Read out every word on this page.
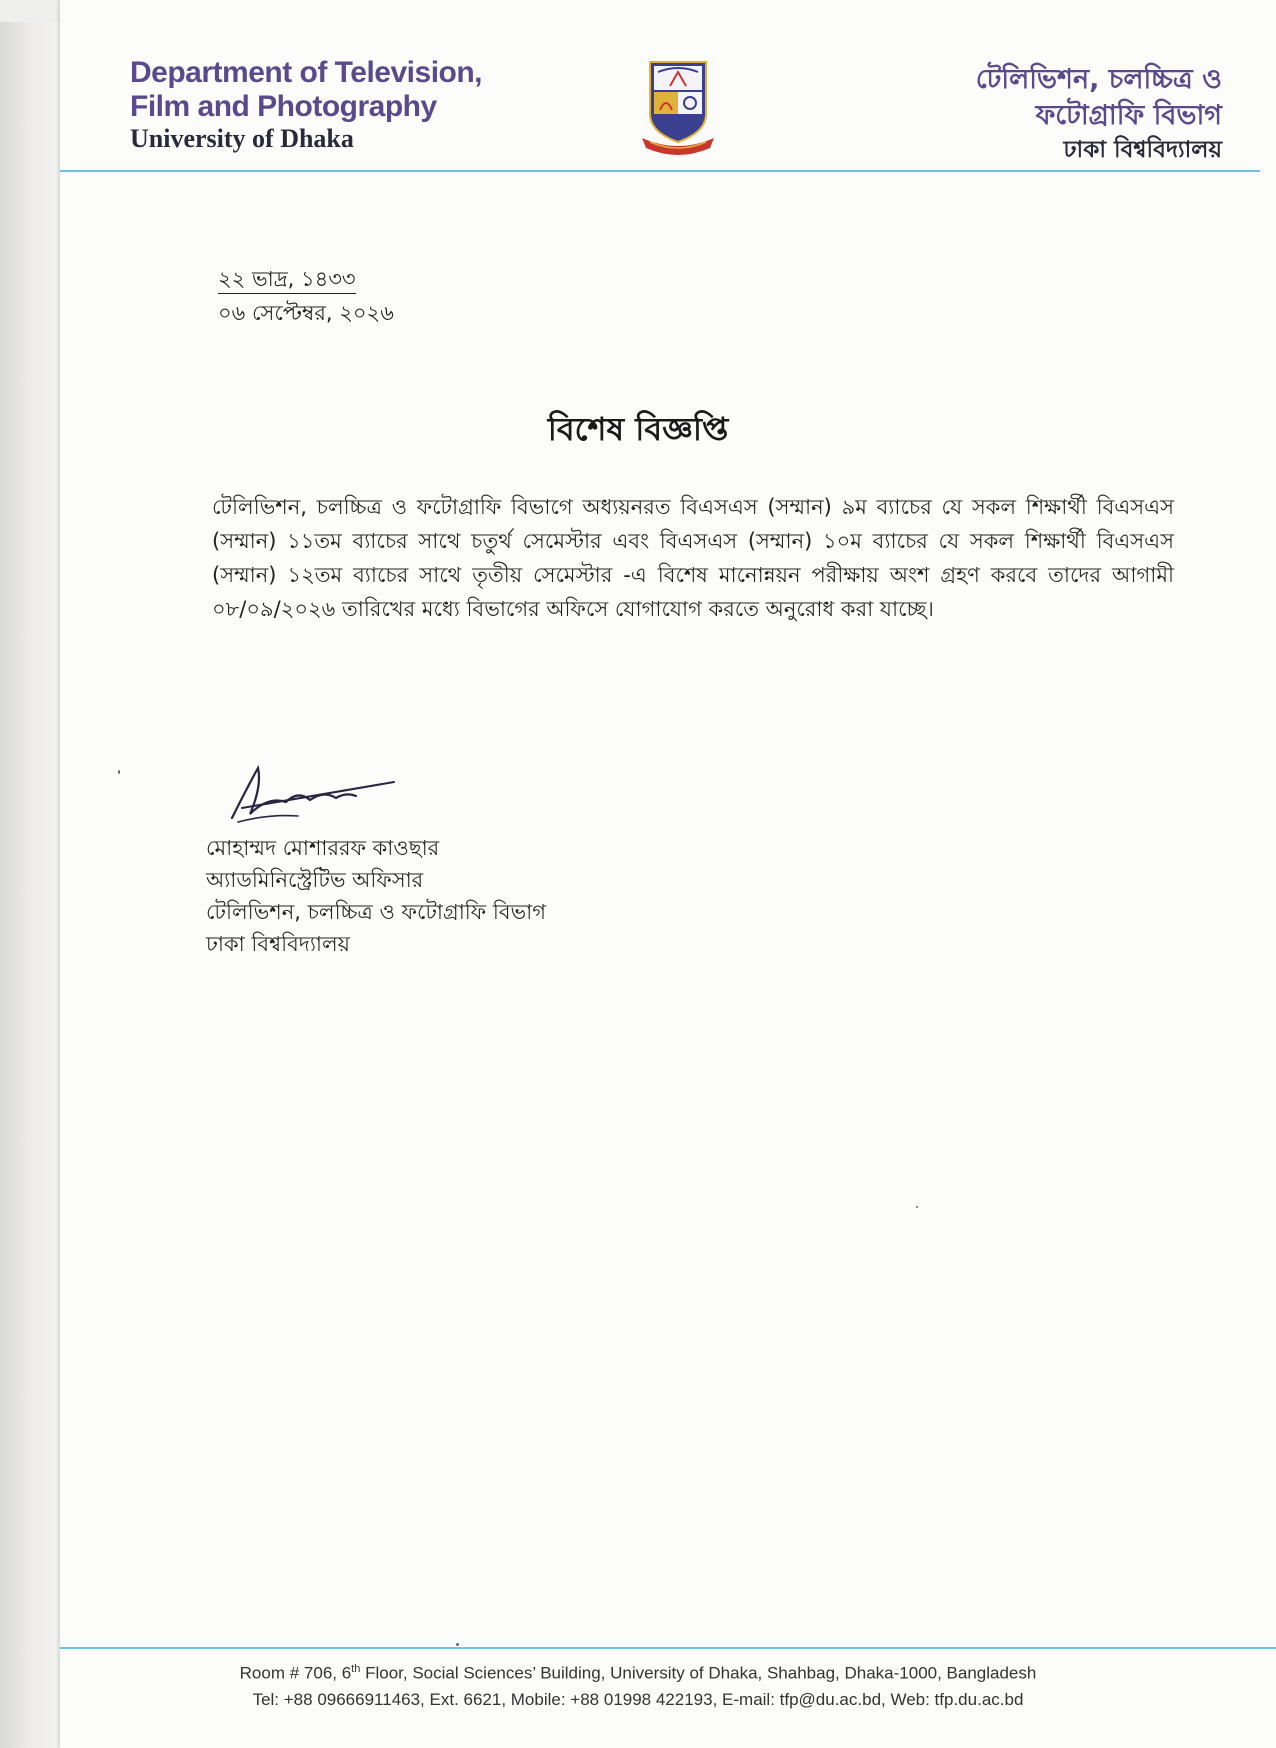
Department of Television,
Film and Photography
University of Dhaka
টেলিভিশন, চলচ্চিত্র ও
ফটোগ্রাফি বিভাগ
ঢাকা বিশ্ববিদ্যালয়
২২ ভাদ্র, ১৪৩৩
০৬ সেপ্টেম্বর, ২০২৬
বিশেষ বিজ্ঞপ্তি
টেলিভিশন, চলচ্চিত্র ও ফটোগ্রাফি বিভাগে অধ্যয়নরত বিএসএস (সম্মান) ৯ম ব্যাচের যে সকল শিক্ষার্থী বিএসএস (সম্মান) ১১তম ব্যাচের সাথে চতুর্থ সেমেস্টার এবং বিএসএস (সম্মান) ১০ম ব্যাচের যে সকল শিক্ষার্থী বিএসএস (সম্মান) ১২তম ব্যাচের সাথে তৃতীয় সেমেস্টার -এ বিশেষ মানোন্নয়ন পরীক্ষায় অংশ গ্রহণ করবে তাদের আগামী ০৮/০৯/২০২৬ তারিখের মধ্যে বিভাগের অফিসে যোগাযোগ করতে অনুরোধ করা যাচ্ছে।
মোহাম্মদ মোশাররফ কাওছার
অ্যাডমিনিস্ট্রেটিভ অফিসার
টেলিভিশন, চলচ্চিত্র ও ফটোগ্রাফি বিভাগ
ঢাকা বিশ্ববিদ্যালয়
Room # 706, 6th Floor, Social Sciences’ Building, University of Dhaka, Shahbag, Dhaka-1000, Bangladesh
Tel: +88 09666911463, Ext. 6621, Mobile: +88 01998 422193, E-mail: tfp@du.ac.bd, Web: tfp.du.ac.bd
